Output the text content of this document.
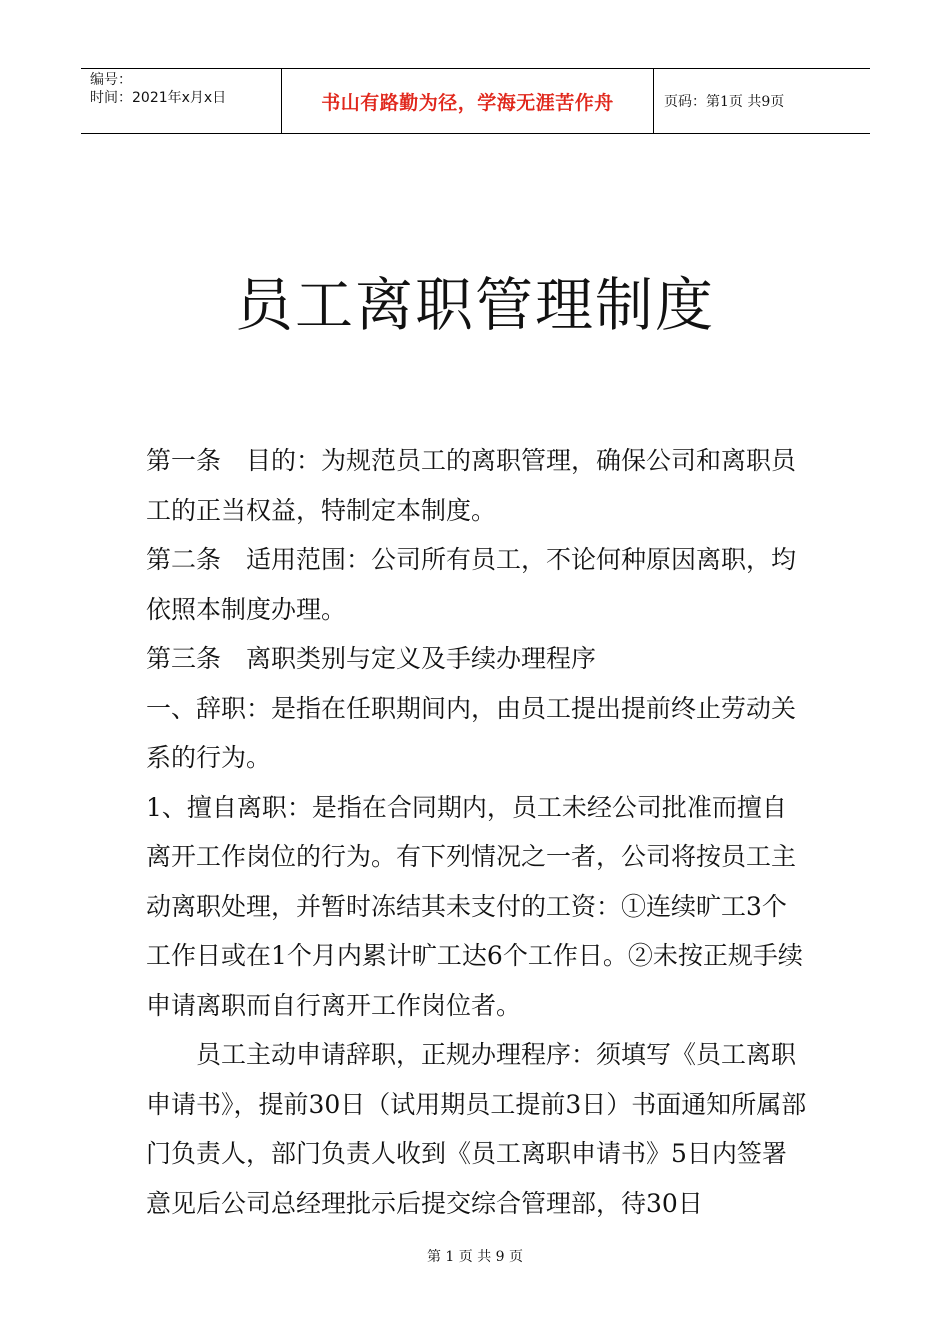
编号：
时间：2021年x月x日	书山有路勤为径，学海无涯苦作舟	页码：第1页 共9页
员工离职管理制度

第一条 目的：为规范员工的离职管理，确保公司和离职员工的正当权益，特制定本制度。

第二条 适用范围：公司所有员工，不论何种原因离职，均依照本制度办理。

第三条 离职类别与定义及手续办理程序

一、辞职：是指在任职期间内，由员工提出提前终止劳动关系的行为。

1、擅自离职：是指在合同期内，员工未经公司批准而擅自离开工作岗位的行为。有下列情况之一者，公司将按员工主动离职处理，并暂时冻结其未支付的工资：①连续旷工3个工作日或在1个月内累计旷工达6个工作日。②未按正规手续申请离职而自行离开工作岗位者。

员工主动申请辞职，正规办理程序：须填写《员工离职申请书》，提前30日（试用期员工提前3日）书面通知所属部门负责人，部门负责人收到《员工离职申请书》5日内签署意见后公司总经理批示后提交综合管理部，待30日

第 1 页 共 9 页
